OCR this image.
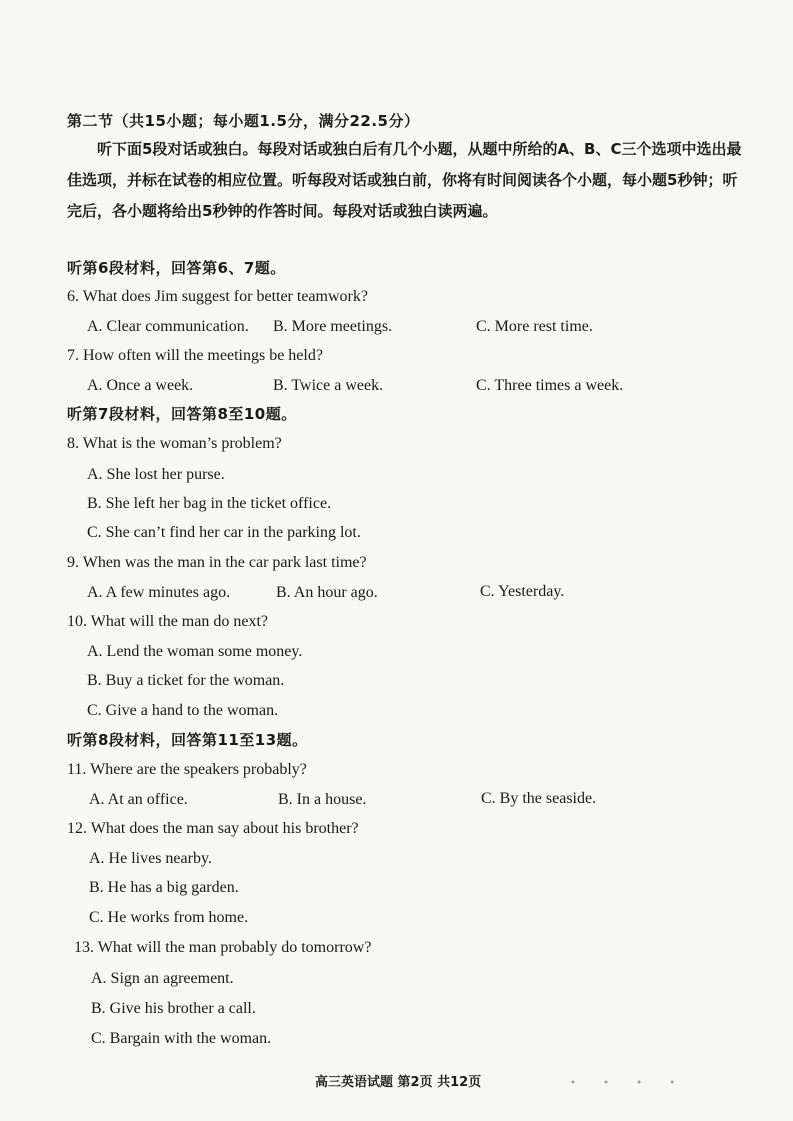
第二节（共15小题；每小题1.5分，满分22.5分）
听下面5段对话或独白。每段对话或独白后有几个小题，从题中所给的A、B、C三个选项中选出最佳选项，并标在试卷的相应位置。听每段对话或独白前，你将有时间阅读各个小题，每小题5秒钟；听完后，各小题将给出5秒钟的作答时间。每段对话或独白读两遍。
听第6段材料，回答第6、7题。
6. What does Jim suggest for better teamwork?
A. Clear communication. B. More meetings.	C. More rest time.
7. How often will the meetings be held?
A. Once a week.	B. Twice a week.	C. Three times a week.
听第7段材料，回答第8至10题。
8. What is the woman’s problem?
A. She lost her purse.
B. She left her bag in the ticket office.
C. She can’t find her car in the parking lot.
9. When was the man in the car park last time?
A. A few minutes ago.	B. An hour ago.	C. Yesterday.
10. What will the man do next?
A. Lend the woman some money.
B. Buy a ticket for the woman.
C. Give a hand to the woman.
听第8段材料，回答第11至13题。
11. Where are the speakers probably?
A. At an office.	B. In a house.	C. By the seaside.
12. What does the man say about his brother?
A. He lives nearby.
B. He has a big garden.
C. He works from home.
13. What will the man probably do tomorrow?
A. Sign an agreement.
B. Give his brother a call.
C. Bargain with the woman.
高三英语试题 第2页 共12页	• • • •
